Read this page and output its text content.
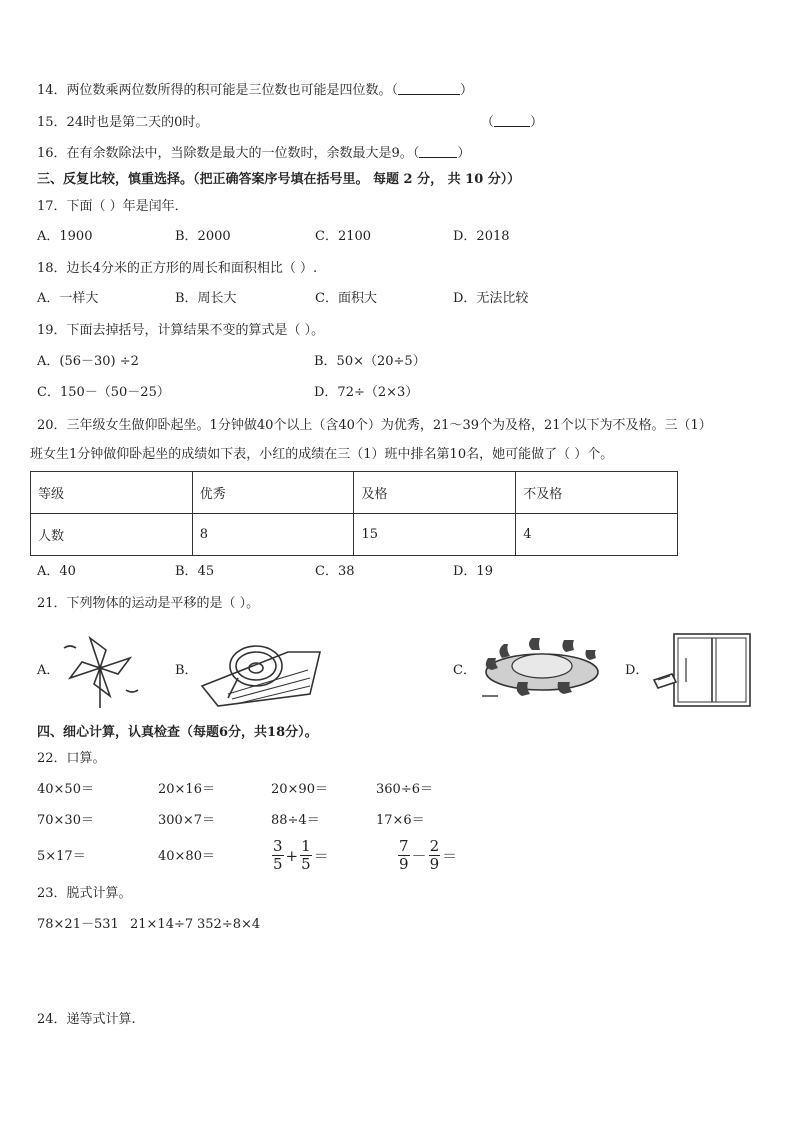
14．两位数乘两位数所得的积可能是三位数也可能是四位数。（	）
15．24时也是第二天的0时。	（	）
16．在有余数除法中，当除数是最大的一位数时，余数最大是9。（	）
三、反复比较，慎重选择。（把正确答案序号填在括号里。 每题 2 分， 共 10 分））
17．下面（ ）年是闰年．
A．1900	B．2000	C．2100	D．2018
18．边长4分米的正方形的周长和面积相比（ ）.
A．一样大	B．周长大	C．面积大	D．无法比较
19．下面去掉括号，计算结果不变的算式是（ ）。
A．(56－30) ÷2	B．50×（20÷5）
C．150－（50－25）	D．72÷（2×3）
20．三年级女生做仰卧起坐。1分钟做40个以上（含40个）为优秀，21～39个为及格，21个以下为不及格。三（1）
班女生1分钟做仰卧起坐的成绩如下表，小红的成绩在三（1）班中排名第10名，她可能做了（ ）个。
等级	优秀	及格	不及格
人数	8	15	4
A．40	B．45	C．38	D．19
21．下列物体的运动是平移的是（ ）。
A．	B．	C．	D．
四、细心计算，认真检查（每题6分，共18分）。
22．口算。
40×50＝	20×16＝	20×90＝	360÷6＝
70×30＝	300×7＝	88÷4＝	17×6＝
5×17＝	40×80＝	$\frac{3}{5} + \frac{1}{5}$ ＝	$\frac{7}{9} - \frac{2}{9}$ ＝
23．脱式计算。
78×21－531 21×14÷7 352÷8×4
24．递等式计算.
